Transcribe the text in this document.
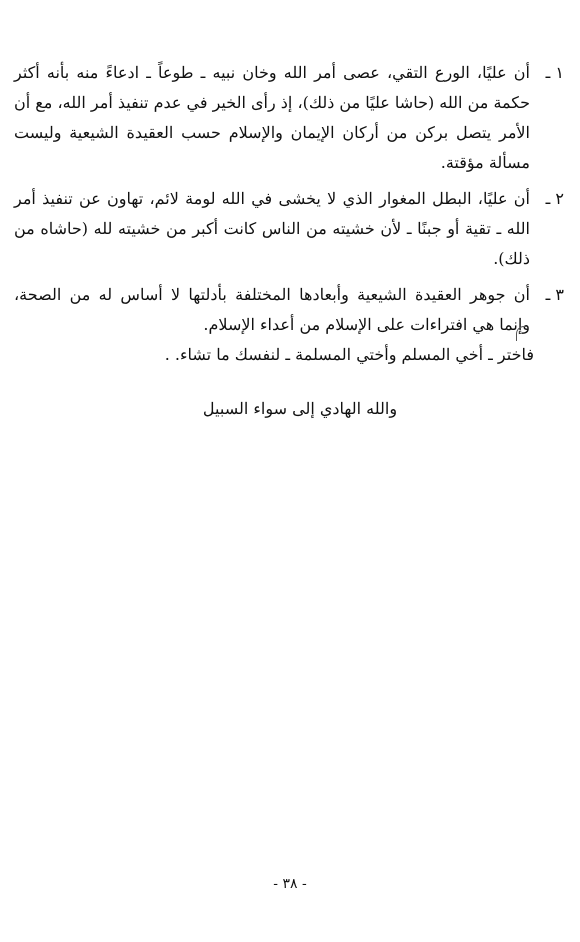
١ ـ
أن عليًا، الورع التقي، عصى أمر الله وخان نبيه ـ طوعاً ـ ادعاءً منه بأنه أكثر حكمة من الله (حاشا عليًا من ذلك)، إذ رأى الخير في عدم تنفيذ أمر الله، مع أن الأمر يتصل بركن من أركان الإيمان والإسلام حسب العقيدة الشيعية وليست مسألة مؤقتة.
٢ ـ
أن عليًا، البطل المغوار الذي لا يخشى في الله لومة لائم، تهاون عن تنفيذ أمر الله ـ تقية أو جبنًا ـ لأن خشيته من الناس كانت أكبر من خشيته لله (حاشاه من ذلك).
٣ ـ
أن جوهر العقيدة الشيعية وأبعادها المختلفة بأدلتها لا أساس له من الصحة، وإنما هي افتراءات على الإسلام من أعداء الإسلام.
فاختر ـ أخي المسلم وأختي المسلمة ـ لنفسك ما تشاء. .
والله الهادي إلى سواء السبيل
- ٣٨ -
